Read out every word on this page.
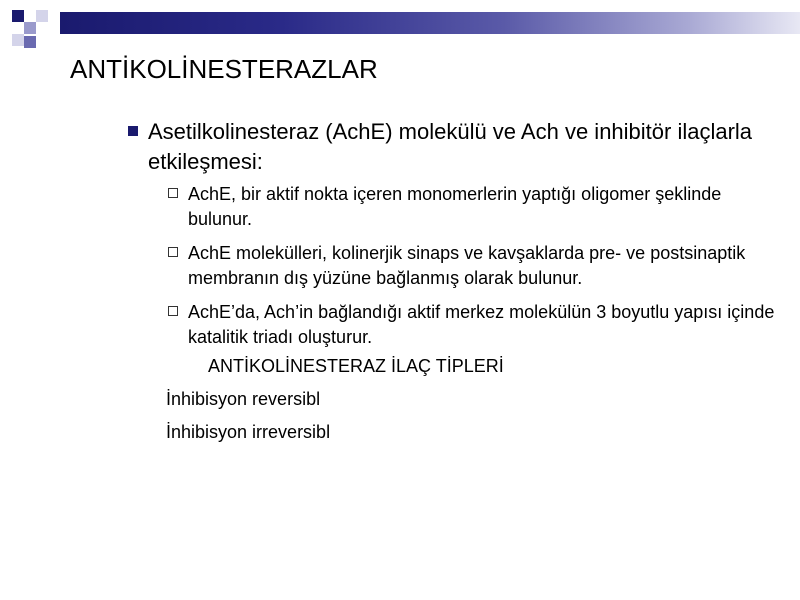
ANTİKOLİNESTERAZLAR
Asetilkolinesteraz (AchE) molekülü ve Ach ve inhibitör ilaçlarla etkileşmesi:
AchE, bir aktif nokta içeren monomerlerin yaptığı oligomer şeklinde bulunur.
AchE molekülleri, kolinerjik sinaps ve kavşaklarda pre- ve postsinaptik membranın dış yüzüne bağlanmış olarak bulunur.
AchE’da, Ach’in bağlandığı aktif merkez molekülün 3 boyutlu yapısı içinde katalitik triadı oluşturur.
ANTİKOLİNESTERAZ İLAÇ TİPLERİ
İnhibisyon reversibl
İnhibisyon irreversibl
